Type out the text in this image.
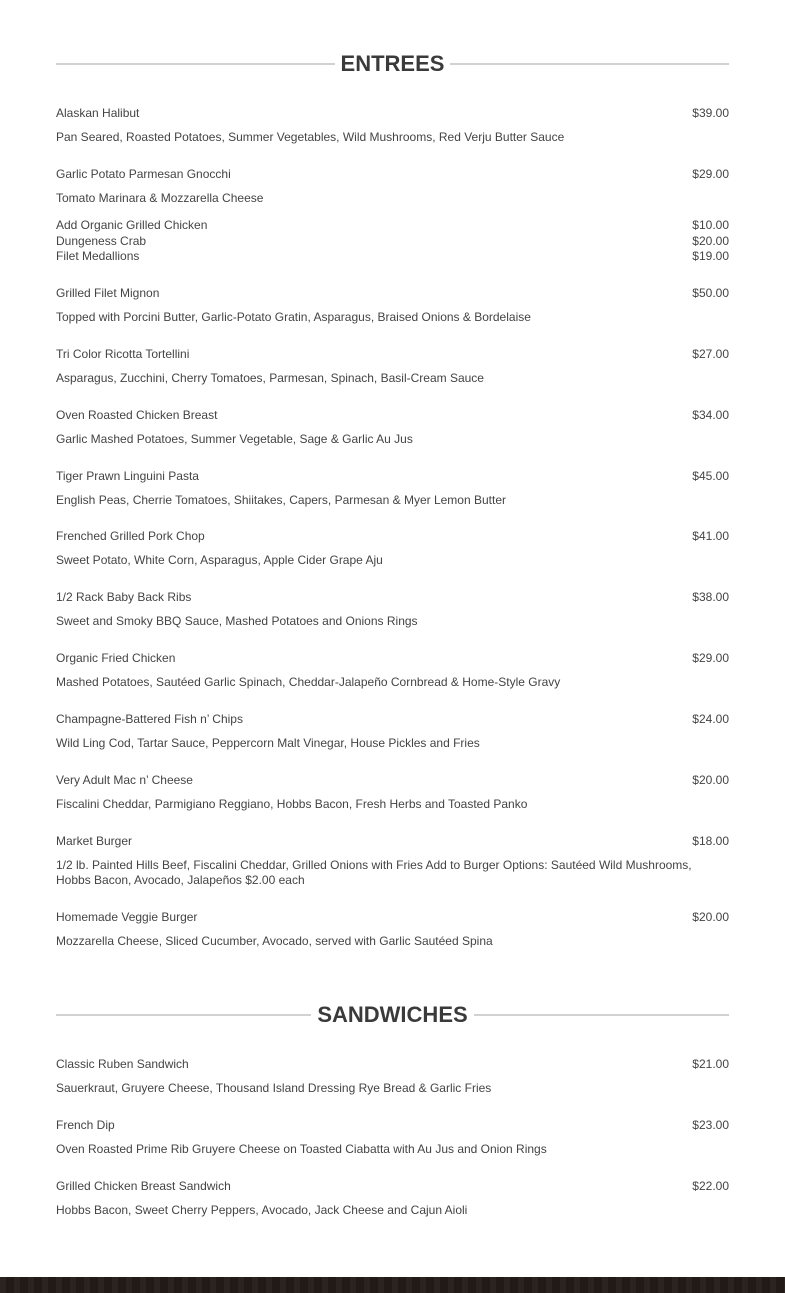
ENTREES
Alaskan Halibut	$39.00
Pan Seared, Roasted Potatoes, Summer Vegetables, Wild Mushrooms, Red Verju Butter Sauce
Garlic Potato Parmesan Gnocchi	$29.00
Tomato Marinara & Mozzarella Cheese
Add Organic Grilled Chicken	$10.00
Dungeness Crab	$20.00
Filet Medallions	$19.00
Grilled Filet Mignon	$50.00
Topped with Porcini Butter, Garlic-Potato Gratin, Asparagus, Braised Onions & Bordelaise
Tri Color Ricotta Tortellini	$27.00
Asparagus, Zucchini, Cherry Tomatoes, Parmesan, Spinach, Basil-Cream Sauce
Oven Roasted Chicken Breast	$34.00
Garlic Mashed Potatoes, Summer Vegetable, Sage & Garlic Au Jus
Tiger Prawn Linguini Pasta	$45.00
English Peas, Cherrie Tomatoes, Shiitakes, Capers, Parmesan & Myer Lemon Butter
Frenched Grilled Pork Chop	$41.00
Sweet Potato, White Corn, Asparagus, Apple Cider Grape Aju
1/2 Rack Baby Back Ribs	$38.00
Sweet and Smoky BBQ Sauce, Mashed Potatoes and Onions Rings
Organic Fried Chicken	$29.00
Mashed Potatoes, Sautéed Garlic Spinach, Cheddar-Jalapeño Cornbread & Home-Style Gravy
Champagne-Battered Fish n’ Chips	$24.00
Wild Ling Cod, Tartar Sauce, Peppercorn Malt Vinegar, House Pickles and Fries
Very Adult Mac n’ Cheese	$20.00
Fiscalini Cheddar, Parmigiano Reggiano, Hobbs Bacon, Fresh Herbs and Toasted Panko
Market Burger	$18.00
1/2 lb. Painted Hills Beef, Fiscalini Cheddar, Grilled Onions with Fries Add to Burger Options: Sautéed Wild Mushrooms, Hobbs Bacon, Avocado, Jalapeños $2.00 each
Homemade Veggie Burger	$20.00
Mozzarella Cheese, Sliced Cucumber, Avocado, served with Garlic Sautéed Spina
SANDWICHES
Classic Ruben Sandwich	$21.00
Sauerkraut, Gruyere Cheese, Thousand Island Dressing Rye Bread & Garlic Fries
French Dip	$23.00
Oven Roasted Prime Rib Gruyere Cheese on Toasted Ciabatta with Au Jus and Onion Rings
Grilled Chicken Breast Sandwich	$22.00
Hobbs Bacon, Sweet Cherry Peppers, Avocado, Jack Cheese and Cajun Aioli
